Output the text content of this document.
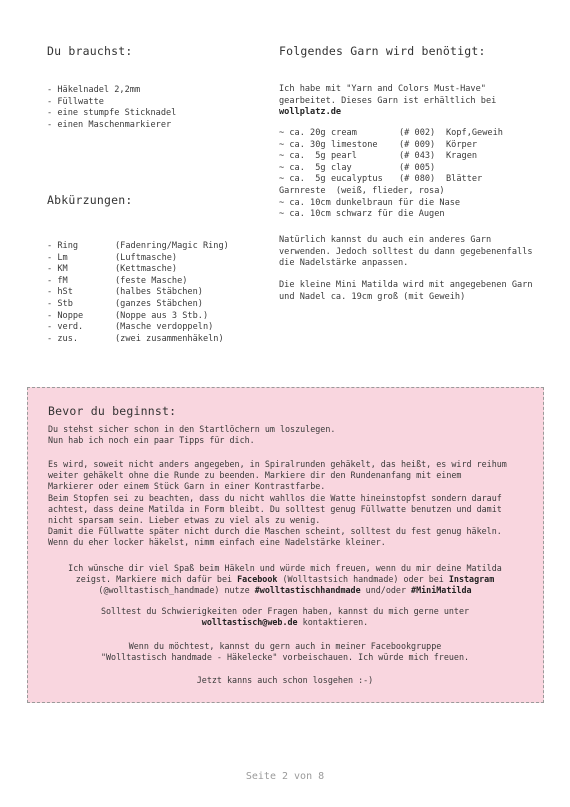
Du brauchst:
- Häkelnadel 2,2mm
- Füllwatte
- eine stumpfe Sticknadel
- einen Maschenmarkierer
Abkürzungen:
- Ring	(Fadenring/Magic Ring)
- Lm	(Luftmasche)
- KM	(Kettmasche)
- fM	(feste Masche)
- hSt	(halbes Stäbchen)
- Stb	(ganzes Stäbchen)
- Noppe	(Noppe aus 3 Stb.)
- verd.	(Masche verdoppeln)
- zus.	(zwei zusammenhäkeln)
Folgendes Garn wird benötigt:
Ich habe mit "Yarn and Colors Must-Have"
gearbeitet. Dieses Garn ist erhältlich bei
wollplatz.de
~ ca. 20g cream	(# 002)	Kopf,Geweih
~ ca. 30g limestone	(# 009)	Körper
~ ca.  5g pearl	(# 043)	Kragen
~ ca.  5g clay	(# 005)
~ ca.  5g eucalyptus	(# 080)	Blätter
Garnreste  (weiß, flieder, rosa)
~ ca. 10cm dunkelbraun für die Nase
~ ca. 10cm schwarz für die Augen
Natürlich kannst du auch ein anderes Garn
verwenden. Jedoch solltest du dann gegebenenfalls
die Nadelstärke anpassen.
Die kleine Mini Matilda wird mit angegebenen Garn
und Nadel ca. 19cm groß (mit Geweih)
Bevor du beginnst:
Du stehst sicher schon in den Startlöchern um loszulegen.
Nun hab ich noch ein paar Tipps für dich.
Es wird, soweit nicht anders angegeben, in Spiralrunden gehäkelt, das heißt, es wird reihum
weiter gehäkelt ohne die Runde zu beenden. Markiere dir den Rundenanfang mit einem
Markierer oder einem Stück Garn in einer Kontrastfarbe.
Beim Stopfen sei zu beachten, dass du nicht wahllos die Watte hineinstopfst sondern darauf
achtest, dass deine Matilda in Form bleibt. Du solltest genug Füllwatte benutzen und damit
nicht sparsam sein. Lieber etwas zu viel als zu wenig.
Damit die Füllwatte später nicht durch die Maschen scheint, solltest du fest genug häkeln.
Wenn du eher locker häkelst, nimm einfach eine Nadelstärke kleiner.
Ich wünsche dir viel Spaß beim Häkeln und würde mich freuen, wenn du mir deine Matilda
zeigst. Markiere mich dafür bei Facebook (Wolltastsich handmade) oder bei Instagram
(@wolltastisch_handmade) nutze #wolltastischhandmade und/oder #MiniMatilda
Solltest du Schwierigkeiten oder Fragen haben, kannst du mich gerne unter
wolltastisch@web.de kontaktieren.
Wenn du möchtest, kannst du gern auch in meiner Facebookgruppe
"Wolltastisch handmade - Häkelecke" vorbeischauen. Ich würde mich freuen.
Jetzt kanns auch schon losgehen :-)
Seite 2 von 8
